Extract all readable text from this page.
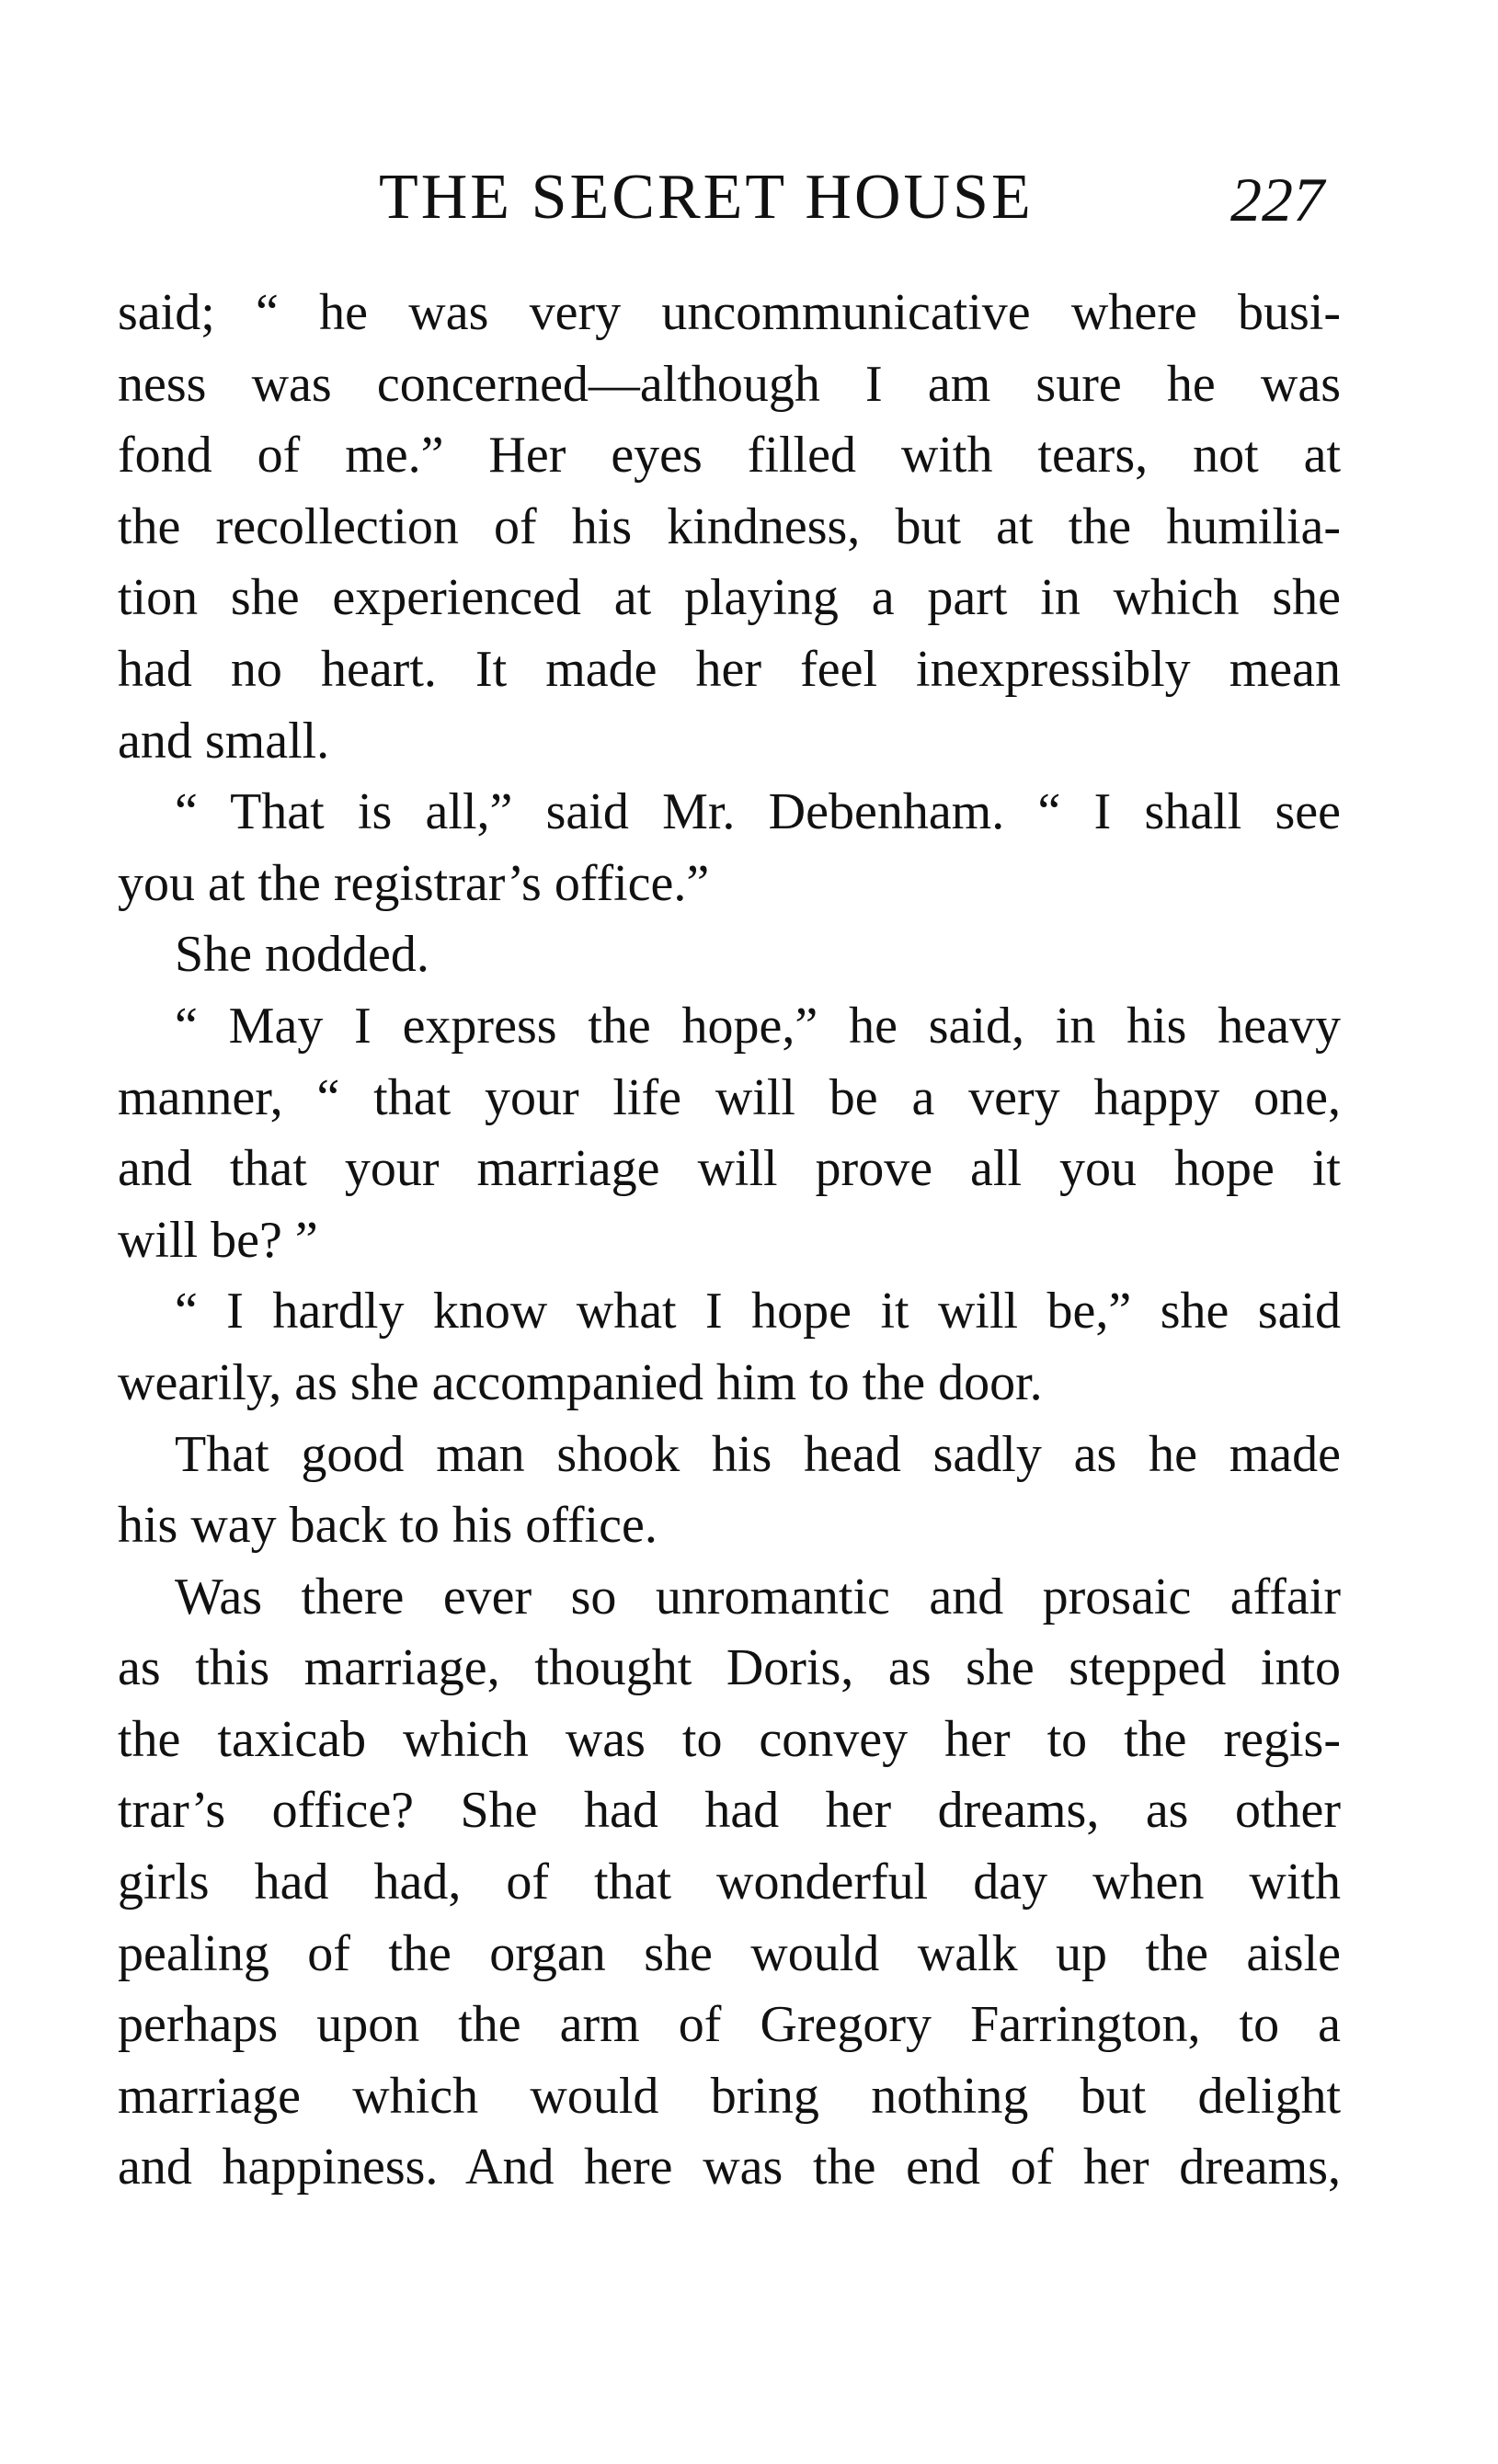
THE SECRET HOUSE	227
said; “ he was very uncommunicative where busi-
ness was concerned—although I am sure he was
fond of me.” Her eyes filled with tears, not at
the recollection of his kindness, but at the humilia-
tion she experienced at playing a part in which she
had no heart. It made her feel inexpressibly mean
and small.
“ That is all,” said Mr. Debenham. “ I shall see
you at the registrar’s office.”
She nodded.
“ May I express the hope,” he said, in his heavy
manner, “ that your life will be a very happy one,
and that your marriage will prove all you hope it
will be? ”
“ I hardly know what I hope it will be,” she said
wearily, as she accompanied him to the door.
That good man shook his head sadly as he made
his way back to his office.
Was there ever so unromantic and prosaic affair
as this marriage, thought Doris, as she stepped into
the taxicab which was to convey her to the regis-
trar’s office? She had had her dreams, as other
girls had had, of that wonderful day when with
pealing of the organ she would walk up the aisle
perhaps upon the arm of Gregory Farrington, to a
marriage which would bring nothing but delight
and happiness. And here was the end of her dreams,
